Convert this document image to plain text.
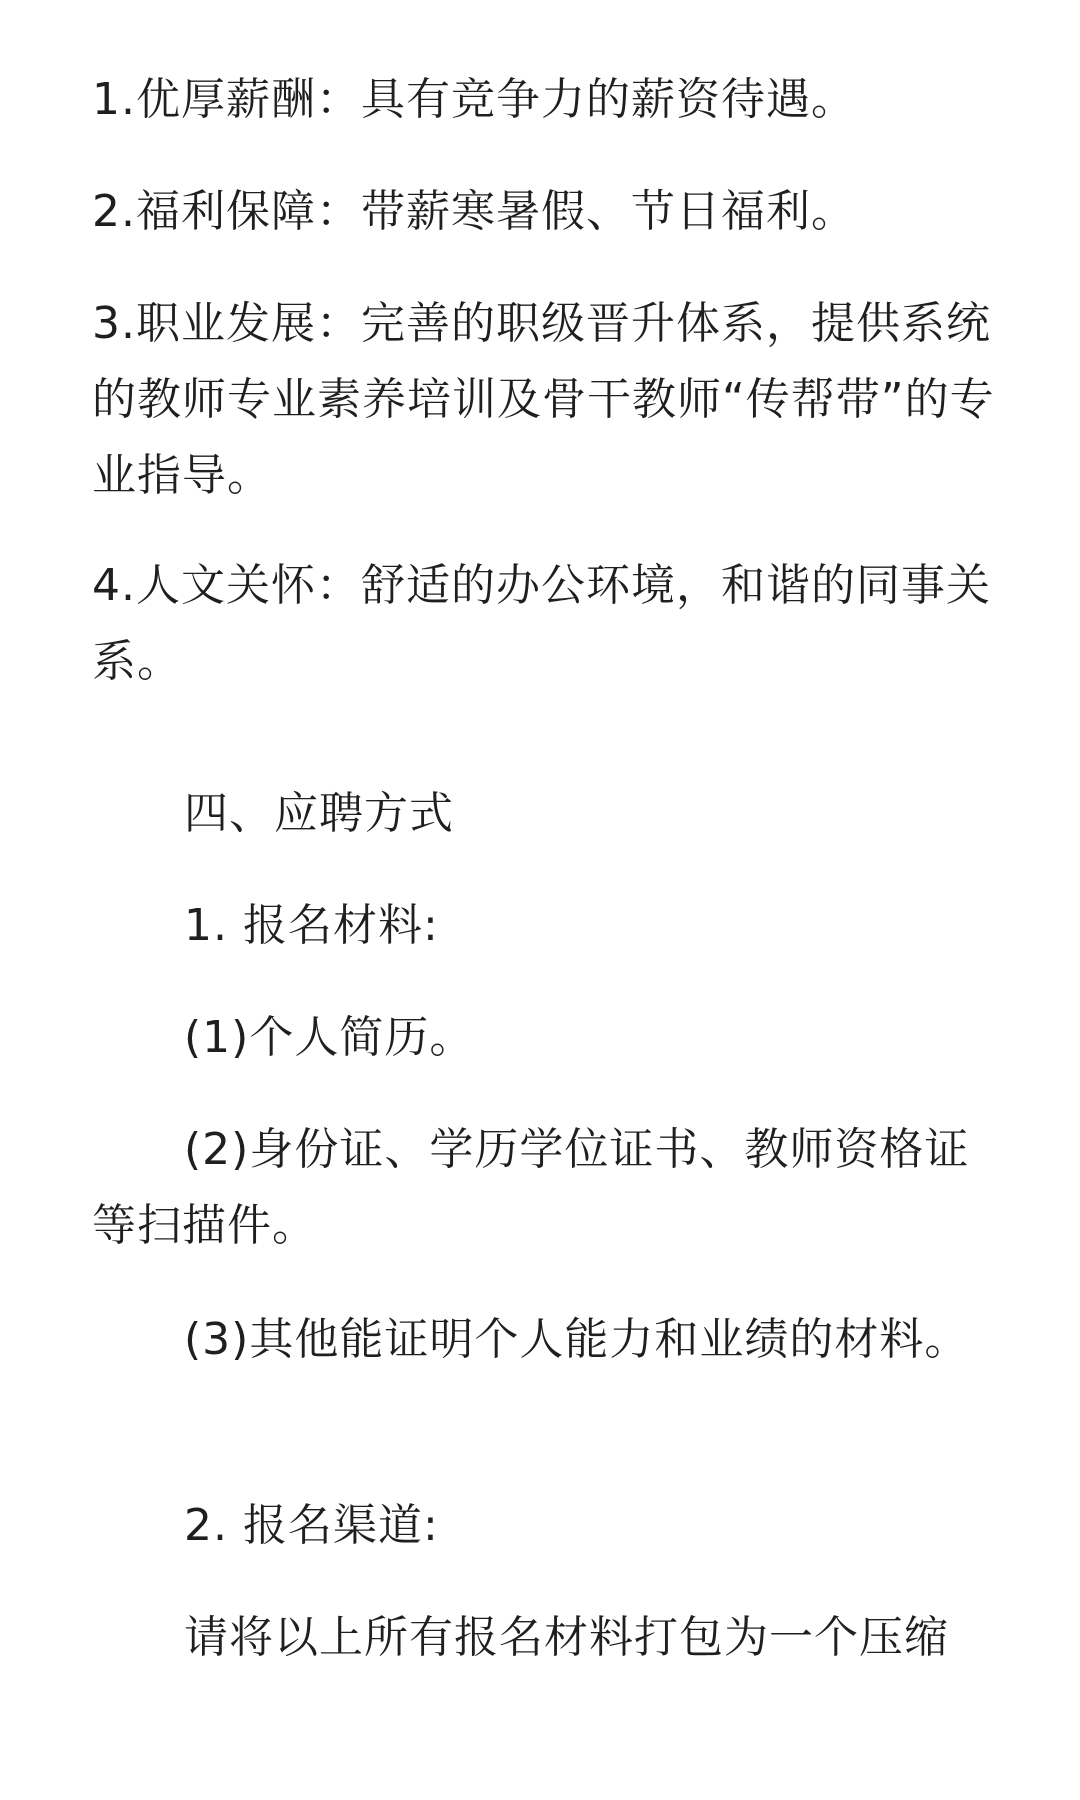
1.优厚薪酬：具有竞争力的薪资待遇。

2.福利保障：带薪寒暑假、节日福利。

3.职业发展：完善的职级晋升体系，提供系统的教师专业素养培训及骨干教师“传帮带”的专业指导。

4.人文关怀：舒适的办公环境，和谐的同事关系。

四、应聘方式

1. 报名材料:

(1)个人简历。

(2)身份证、学历学位证书、教师资格证等扫描件。

(3)其他能证明个人能力和业绩的材料。

2. 报名渠道:

请将以上所有报名材料打包为一个压缩
